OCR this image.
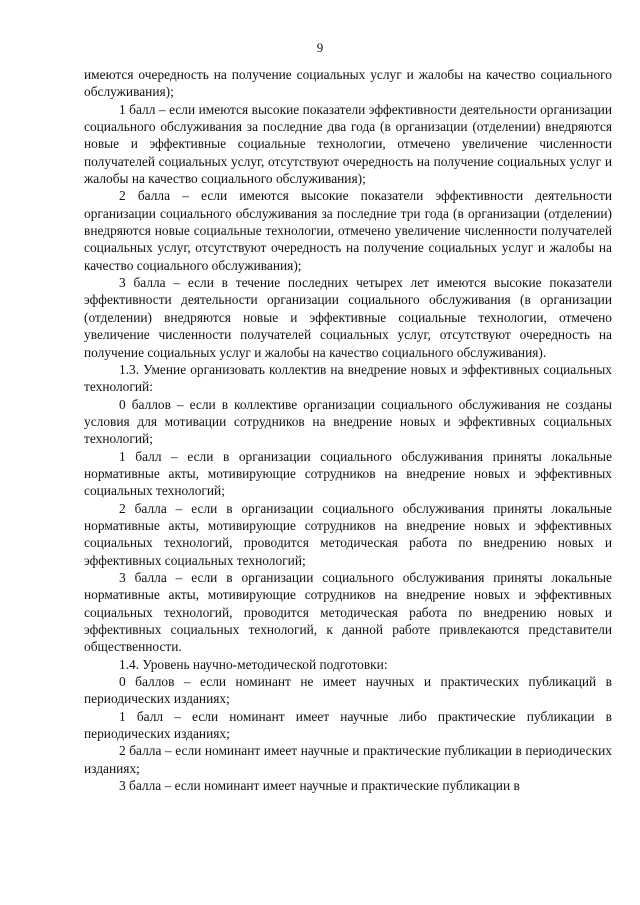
9

имеются очередность на получение социальных услуг и жалобы на качество социального обслуживания);

1 балл – если имеются высокие показатели эффективности деятельности организации социального обслуживания за последние два года (в организации (отделении) внедряются новые и эффективные социальные технологии, отмечено увеличение численности получателей социальных услуг, отсутствуют очередность на получение социальных услуг и жалобы на качество социального обслуживания);

2 балла – если имеются высокие показатели эффективности деятельности организации социального обслуживания за последние три года (в организации (отделении) внедряются новые социальные технологии, отмечено увеличение численности получателей социальных услуг, отсутствуют очередность на получение социальных услуг и жалобы на качество социального обслуживания);

3 балла – если в течение последних четырех лет имеются высокие показатели эффективности деятельности организации социального обслуживания (в организации (отделении) внедряются новые и эффективные социальные технологии, отмечено увеличение численности получателей социальных услуг, отсутствуют очередность на получение социальных услуг и жалобы на качество социального обслуживания).

1.3. Умение организовать коллектив на внедрение новых и эффективных социальных технологий:

0 баллов – если в коллективе организации социального обслуживания не созданы условия для мотивации сотрудников на внедрение новых и эффективных социальных технологий;

1 балл – если в организации социального обслуживания приняты локальные нормативные акты, мотивирующие сотрудников на внедрение новых и эффективных социальных технологий;

2 балла – если в организации социального обслуживания приняты локальные нормативные акты, мотивирующие сотрудников на внедрение новых и эффективных социальных технологий, проводится методическая работа по внедрению новых и эффективных социальных технологий;

3 балла – если в организации социального обслуживания приняты локальные нормативные акты, мотивирующие сотрудников на внедрение новых и эффективных социальных технологий, проводится методическая работа по внедрению новых и эффективных социальных технологий, к данной работе привлекаются представители общественности.

1.4. Уровень научно-методической подготовки:

0 баллов – если номинант не имеет научных и практических публикаций в периодических изданиях;

1 балл – если номинант имеет научные либо практические публикации в периодических изданиях;

2 балла – если номинант имеет научные и практические публикации в периодических изданиях;

3 балла – если номинант имеет научные и практические публикации в
